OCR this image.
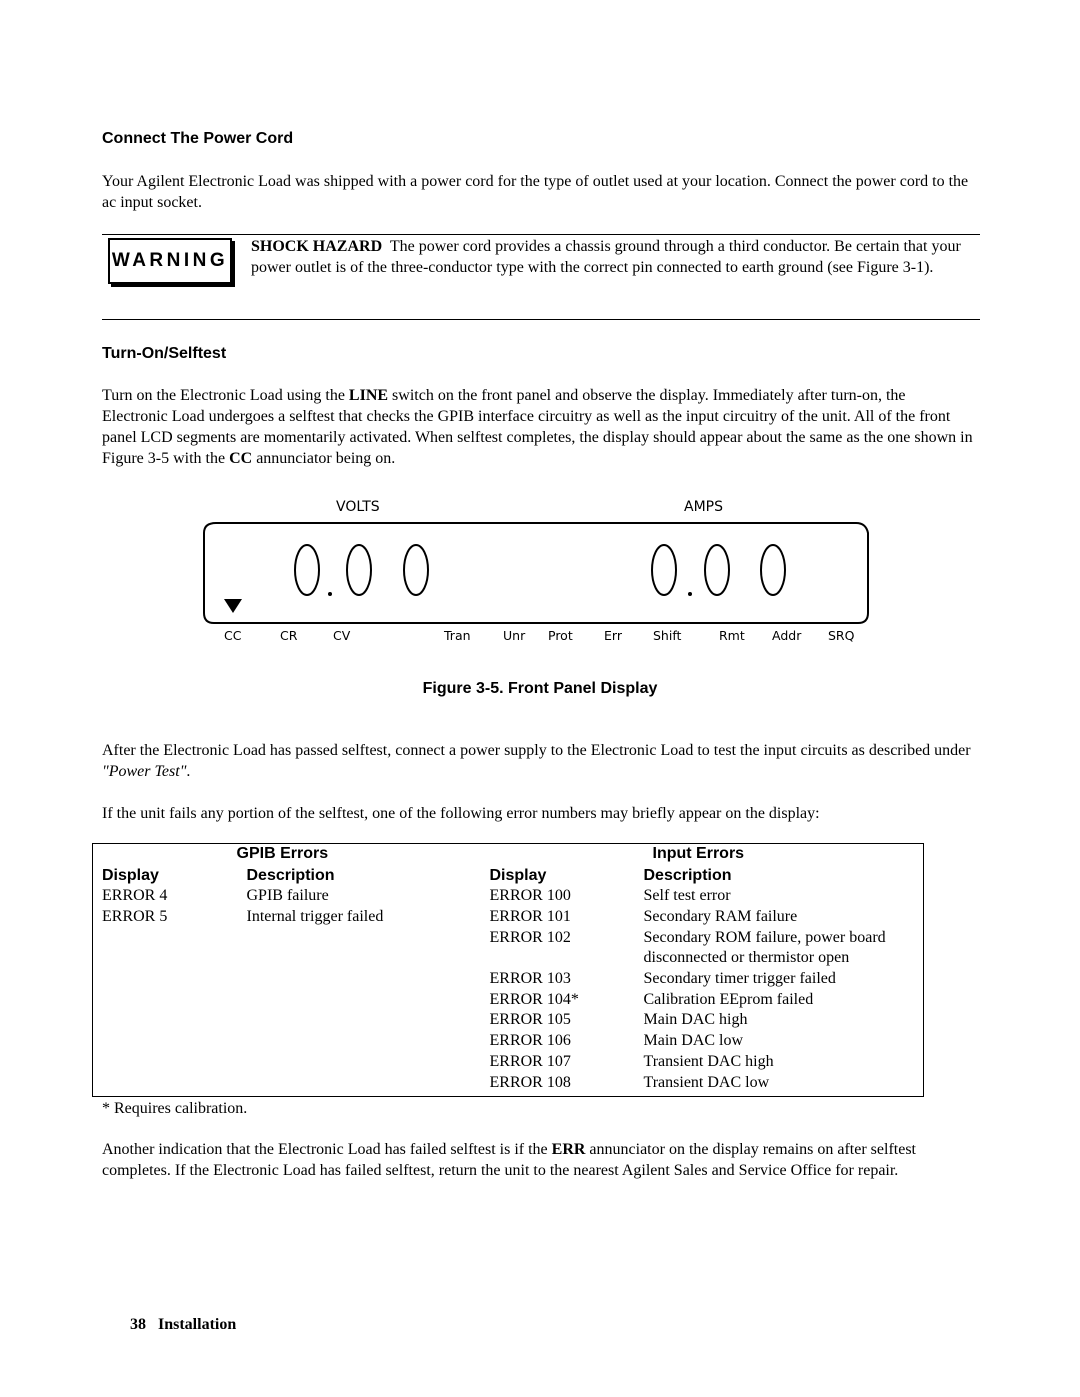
Connect The Power Cord

Your Agilent Electronic Load was shipped with a power cord for the type of outlet used at your location. Connect the power cord to the ac input socket.

WARNING

SHOCK HAZARD The power cord provides a chassis ground through a third conductor. Be certain that your power outlet is of the three-conductor type with the correct pin connected to earth ground (see Figure 3-1).

Turn-On/Selftest

Turn on the Electronic Load using the LINE switch on the front panel and observe the display. Immediately after turn-on, the Electronic Load undergoes a selftest that checks the GPIB interface circuitry as well as the input circuitry of the unit. All of the front panel LCD segments are momentarily activated. When selftest completes, the display should appear about the same as the one shown in Figure 3-5 with the CC annunciator being on.

VOLTS	AMPS
CC	CR	CV	Tran	Unr Prot	Err Shift	Rmt Addr SRQ
Figure 3-5. Front Panel Display

After the Electronic Load has passed selftest, connect a power supply to the Electronic Load to test the input circuits as described under "Power Test".

If the unit fails any portion of the selftest, one of the following error numbers may briefly appear on the display:

	GPIB Errors		Input Errors
Display	Description	Display	Description
ERROR 4	GPIB failure	ERROR 100	Self test error
ERROR 5	Internal trigger failed	ERROR 101	Secondary RAM failure
		ERROR 102	Secondary ROM failure, power board
			disconnected or thermistor open
		ERROR 103	Secondary timer trigger failed
		ERROR 104*	Calibration EEprom failed
		ERROR 105	Main DAC high
		ERROR 106	Main DAC low
		ERROR 107	Transient DAC high
		ERROR 108	Transient DAC low

* Requires calibration.

Another indication that the Electronic Load has failed selftest is if the ERR annunciator on the display remains on after selftest completes. If the Electronic Load has failed selftest, return the unit to the nearest Agilent Sales and Service Office for repair.

38 Installation
